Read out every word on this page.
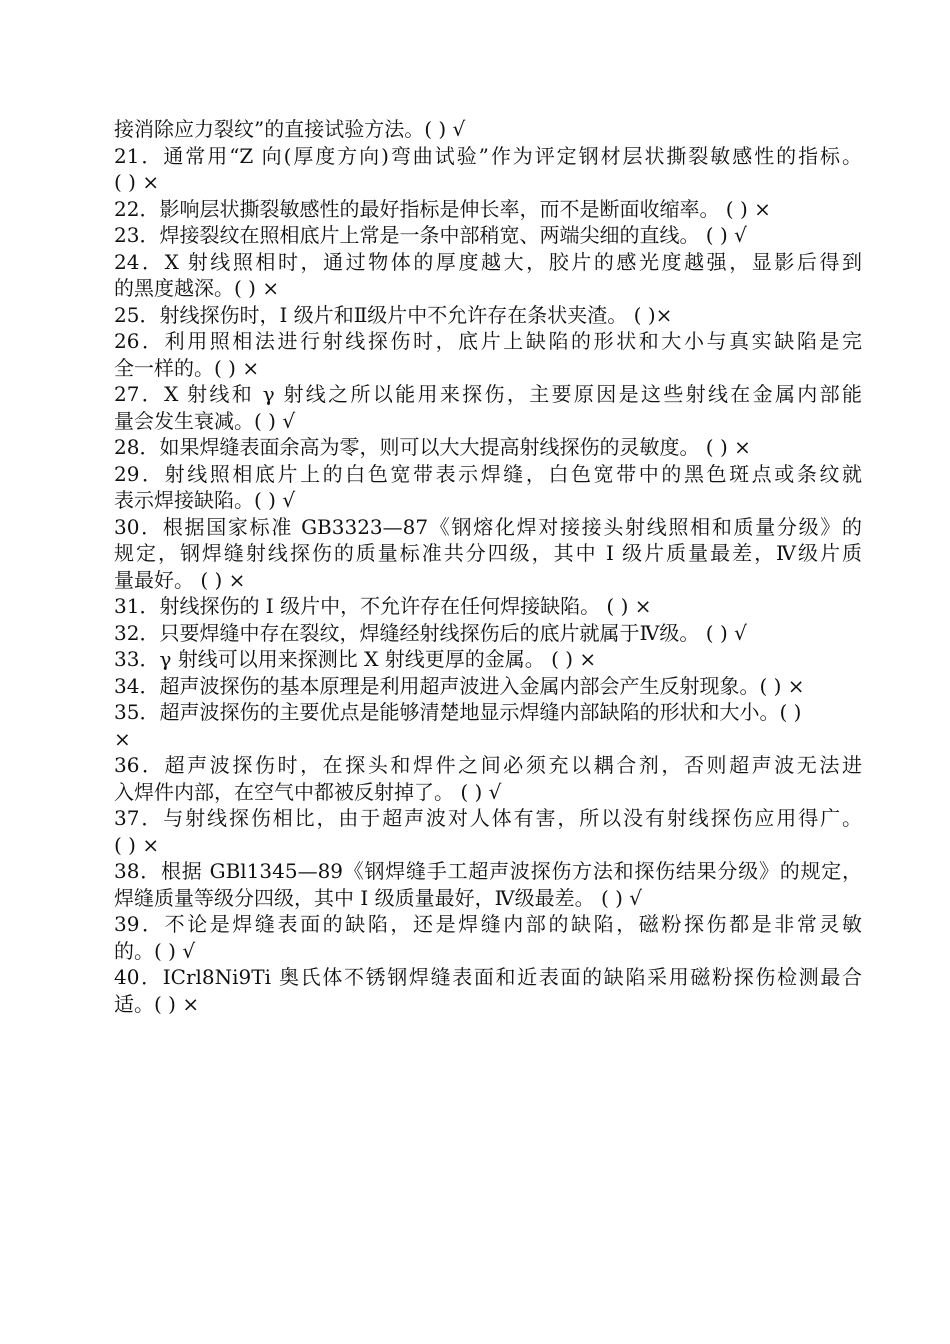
接消除应力裂纹”的直接试验方法。( ) √
21．通常用“Z 向(厚度方向)弯曲试验”作为评定钢材层状撕裂敏感性的指标。
( ) ×
22．影响层状撕裂敏感性的最好指标是伸长率，而不是断面收缩率。 ( ) ×
23．焊接裂纹在照相底片上常是一条中部稍宽、两端尖细的直线。 ( ) √
24．X 射线照相时，通过物体的厚度越大，胶片的感光度越强，显影后得到
的黑度越深。( ) ×
25．射线探伤时，I 级片和Ⅱ级片中不允许存在条状夹渣。 ( )×
26．利用照相法进行射线探伤时，底片上缺陷的形状和大小与真实缺陷是完
全一样的。( ) ×
27．X 射线和 γ 射线之所以能用来探伤，主要原因是这些射线在金属内部能
量会发生衰减。( ) √
28．如果焊缝表面余高为零，则可以大大提高射线探伤的灵敏度。 ( ) ×
29．射线照相底片上的白色宽带表示焊缝，白色宽带中的黑色斑点或条纹就
表示焊接缺陷。( ) √
30．根据国家标准 GB3323—87《钢熔化焊对接接头射线照相和质量分级》的
规定，钢焊缝射线探伤的质量标准共分四级，其中 I 级片质量最差，Ⅳ级片质
量最好。 ( ) ×
31．射线探伤的 I 级片中，不允许存在任何焊接缺陷。 ( ) ×
32．只要焊缝中存在裂纹，焊缝经射线探伤后的底片就属于Ⅳ级。 ( ) √
33．γ 射线可以用来探测比 X 射线更厚的金属。 ( ) ×
34．超声波探伤的基本原理是利用超声波进入金属内部会产生反射现象。( ) ×
35．超声波探伤的主要优点是能够清楚地显示焊缝内部缺陷的形状和大小。( )
×
36．超声波探伤时，在探头和焊件之间必须充以耦合剂，否则超声波无法进
入焊件内部，在空气中都被反射掉了。 ( ) √
37．与射线探伤相比，由于超声波对人体有害，所以没有射线探伤应用得广。
( ) ×
38．根据 GBl1345—89《钢焊缝手工超声波探伤方法和探伤结果分级》的规定，
焊缝质量等级分四级，其中 I 级质量最好，Ⅳ级最差。 ( ) √
39．不论是焊缝表面的缺陷，还是焊缝内部的缺陷，磁粉探伤都是非常灵敏
的。( ) √
40．ICrl8Ni9Ti 奥氏体不锈钢焊缝表面和近表面的缺陷采用磁粉探伤检测最合
适。( ) ×
